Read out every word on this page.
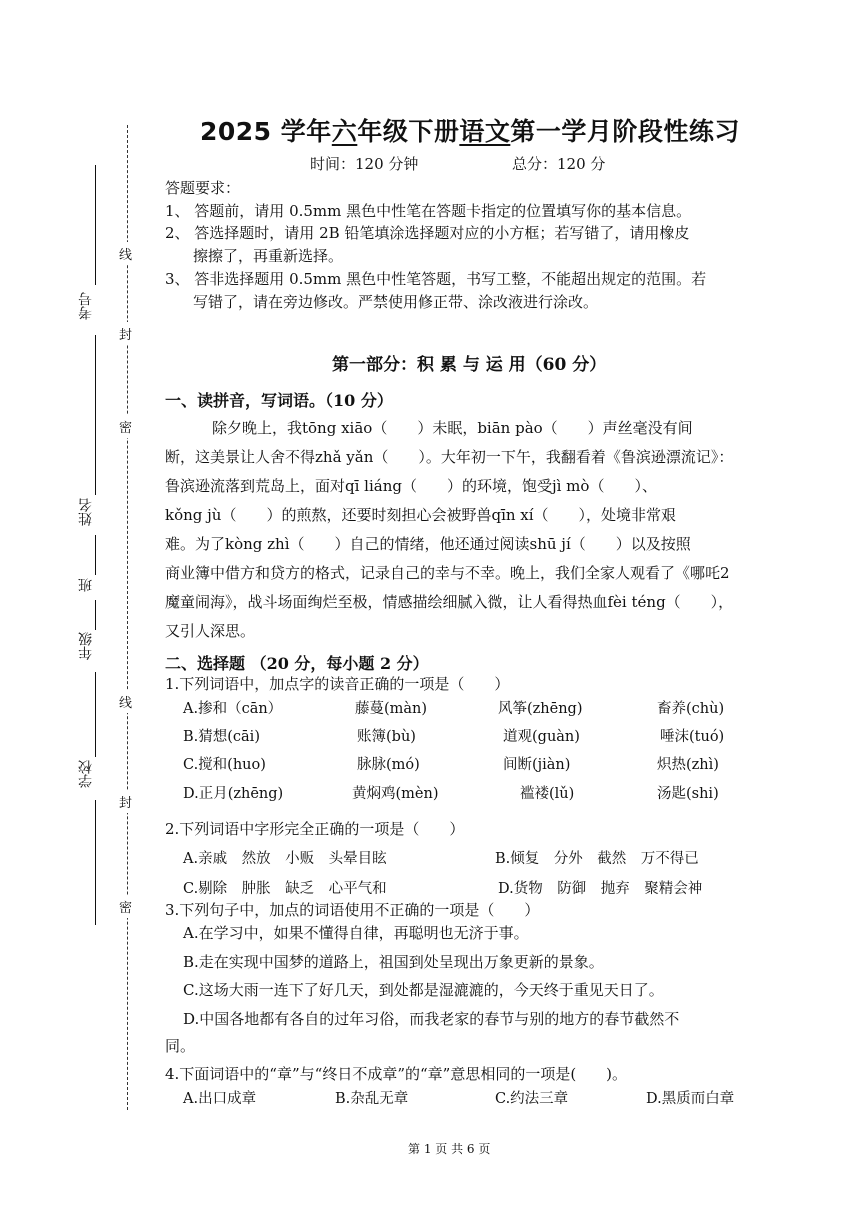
线
封
密
线
封
密
考号
姓名
班
年级
学校
2025 学年六年级下册语文第一学月阶段性练习
时间：120 分钟	总分：120 分
答题要求：
1、 答题前，请用 0.5mm 黑色中性笔在答题卡指定的位置填写你的基本信息。
2、 答选择题时，请用 2B 铅笔填涂选择题对应的小方框；若写错了，请用橡皮
擦擦了，再重新选择。
3、 答非选择题用 0.5mm 黑色中性笔答题，书写工整，不能超出规定的范围。若
写错了，请在旁边修改。严禁使用修正带、涂改液进行涂改。
第一部分：积 累 与 运 用（60 分）
一、读拼音，写词语。（10 分）
除夕晚上，我tōng xiāo（　　）未眠，biān pào（　　）声丝毫没有间
断，这美景让人舍不得zhǎ yǎn（　　）。大年初一下午，我翻看着《鲁滨逊漂流记》：
鲁滨逊流落到荒岛上，面对qī liáng（　　）的环境，饱受jì mò（　　）、
kǒng jù（　　）的煎熬，还要时刻担心会被野兽qīn xí（　　），处境非常艰
难。为了kòng zhì（　　）自己的情绪，他还通过阅读shū jí（　　）以及按照
商业簿中借方和贷方的格式，记录自己的幸与不幸。晚上，我们全家人观看了《哪吒2
魔童闹海》，战斗场面绚烂至极，情感描绘细腻入微，让人看得热血fèi téng（　　），
又引人深思。
二、选择题 （20 分，每小题 2 分）
1.下列词语中，加点字的读音正确的一项是（　　）
A.掺和（cān）	藤蔓(màn)	风筝(zhēng)	畜养(chù)
B.猜想(cāi)	账簿(bù)	道观(guàn)	唾沫(tuó)
C.搅和(huo)	脉脉(mó)	间断(jiàn)	炽热(zhì)
D.正月(zhēng)	黄焖鸡(mèn)	褴褛(lǔ)	汤匙(shi)
2.下列词语中字形完全正确的一项是（　　）
A.亲戚　然放　小贩　头晕目眩	B.倾复　分外　截然　万不得已
C.剔除　肿胀　缺乏　心平气和	D.货物　防御　抛弃　聚精会神
3.下列句子中，加点的词语使用不正确的一项是（　　）
A.在学习中，如果不懂得自律，再聪明也无济于事。
B.走在实现中国梦的道路上，祖国到处呈现出万象更新的景象。
C.这场大雨一连下了好几天，到处都是湿漉漉的，今天终于重见天日了。
D.中国各地都有各自的过年习俗，而我老家的春节与别的地方的春节截然不
同。
4.下面词语中的“章”与“终日不成章”的“章”意思相同的一项是(　　)。
A.出口成章	B.杂乱无章	C.约法三章	D.黑质而白章
第 1 页 共 6 页
